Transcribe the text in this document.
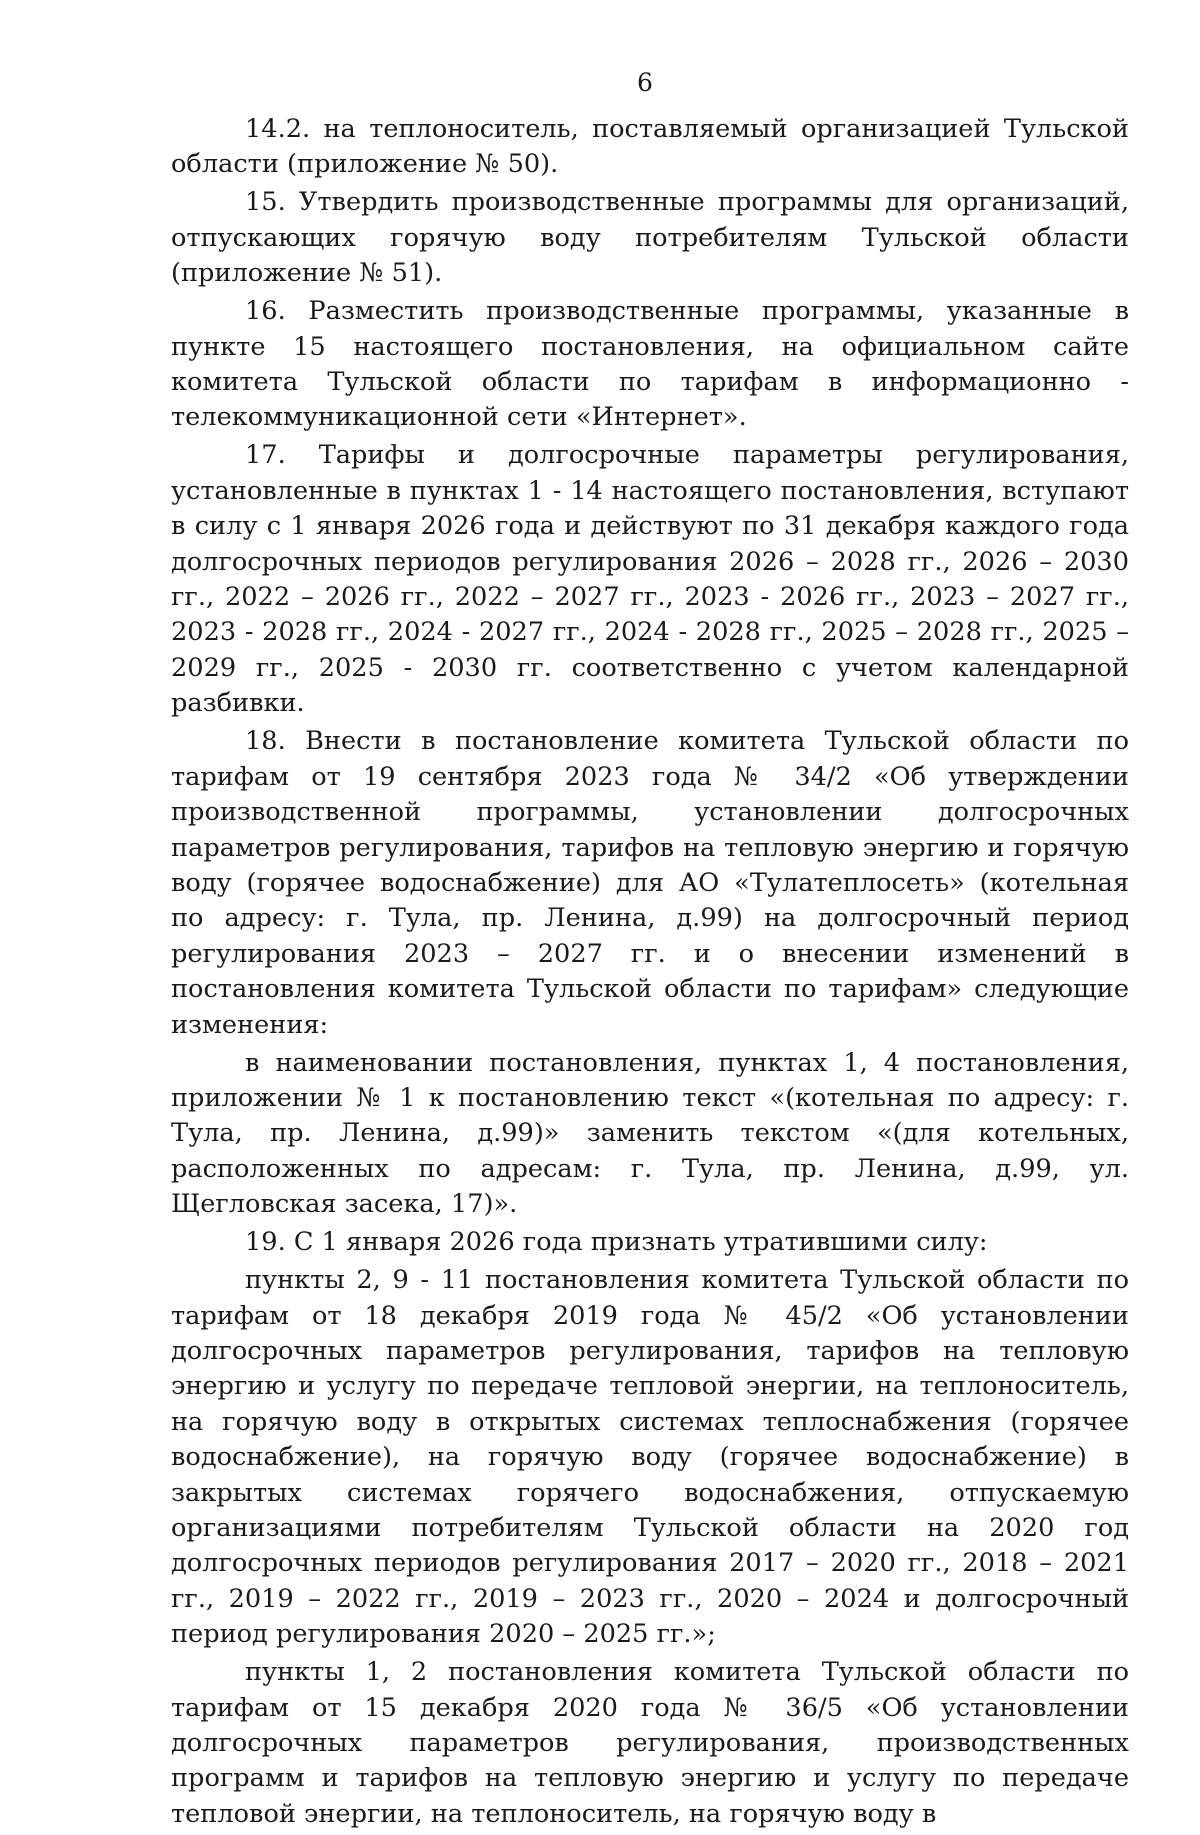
6

14.2. на теплоноситель, поставляемый организацией Тульской области (приложение № 50).

15. Утвердить производственные программы для организаций, отпускающих горячую воду потребителям Тульской области (приложение № 51).

16. Разместить производственные программы, указанные в пункте 15 настоящего постановления, на официальном сайте комитета Тульской области по тарифам в информационно - телекоммуникационной сети «Интернет».

17. Тарифы и долгосрочные параметры регулирования, установленные в пунктах 1 - 14 настоящего постановления, вступают в силу с 1 января 2026 года и действуют по 31 декабря каждого года долгосрочных периодов регулирования 2026 – 2028 гг., 2026 – 2030 гг., 2022 – 2026 гг., 2022 – 2027 гг., 2023 - 2026 гг., 2023 – 2027 гг., 2023 - 2028 гг., 2024 - 2027 гг., 2024 - 2028 гг., 2025 – 2028 гг., 2025 – 2029 гг., 2025 - 2030 гг. соответственно с учетом календарной разбивки.

18. Внести в постановление комитета Тульской области по тарифам от 19 сентября 2023 года № 34/2 «Об утверждении производственной программы, установлении долгосрочных параметров регулирования, тарифов на тепловую энергию и горячую воду (горячее водоснабжение) для АО «Тулатеплосеть» (котельная по адресу: г. Тула, пр. Ленина, д.99) на долгосрочный период регулирования 2023 – 2027 гг. и о внесении изменений в постановления комитета Тульской области по тарифам» следующие изменения:

в наименовании постановления, пунктах 1, 4 постановления, приложении № 1 к постановлению текст «(котельная по адресу: г. Тула, пр. Ленина, д.99)» заменить текстом «(для котельных, расположенных по адресам: г. Тула, пр. Ленина, д.99, ул. Щегловская засека, 17)».

19. С 1 января 2026 года признать утратившими силу:

пункты 2, 9 - 11 постановления комитета Тульской области по тарифам от 18 декабря 2019 года № 45/2 «Об установлении долгосрочных параметров регулирования, тарифов на тепловую энергию и услугу по передаче тепловой энергии, на теплоноситель, на горячую воду в открытых системах теплоснабжения (горячее водоснабжение), на горячую воду (горячее водоснабжение) в закрытых системах горячего водоснабжения, отпускаемую организациями потребителям Тульской области на 2020 год долгосрочных периодов регулирования 2017 – 2020 гг., 2018 – 2021 гг., 2019 – 2022 гг., 2019 – 2023 гг., 2020 – 2024 и долгосрочный период регулирования 2020 – 2025 гг.»;

пункты 1, 2 постановления комитета Тульской области по тарифам от 15 декабря 2020 года № 36/5 «Об установлении долгосрочных параметров регулирования, производственных программ и тарифов на тепловую энергию и услугу по передаче тепловой энергии, на теплоноситель, на горячую воду в
